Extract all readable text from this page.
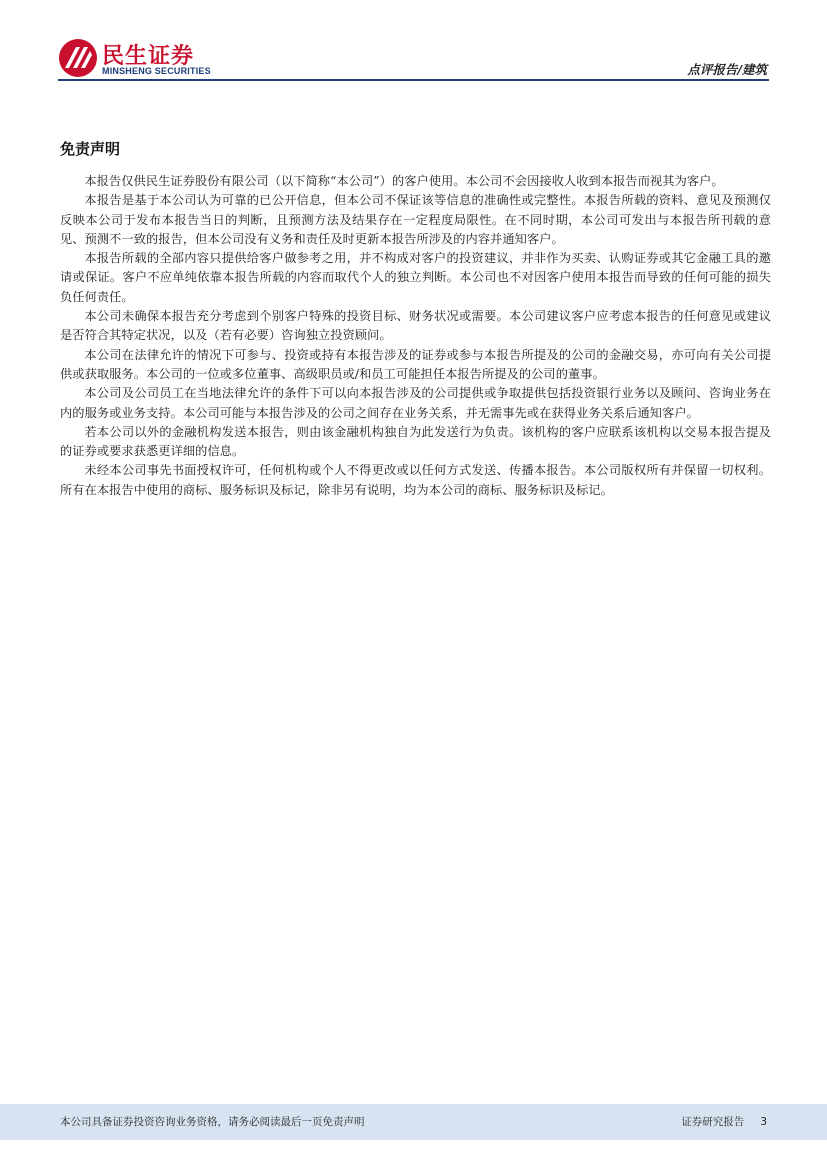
民生证券
MINSHENG SECURITIES	点评报告/建筑
免责声明

本报告仅供民生证券股份有限公司（以下简称“本公司”）的客户使用。本公司不会因接收人收到本报告而视其为客户。

本报告是基于本公司认为可靠的已公开信息，但本公司不保证该等信息的准确性或完整性。本报告所载的资料、意见及预测仅反映本公司于发布本报告当日的判断，且预测方法及结果存在一定程度局限性。在不同时期，本公司可发出与本报告所刊载的意见、预测不一致的报告，但本公司没有义务和责任及时更新本报告所涉及的内容并通知客户。

本报告所载的全部内容只提供给客户做参考之用，并不构成对客户的投资建议，并非作为买卖、认购证券或其它金融工具的邀请或保证。客户不应单纯依靠本报告所载的内容而取代个人的独立判断。本公司也不对因客户使用本报告而导致的任何可能的损失负任何责任。

本公司未确保本报告充分考虑到个别客户特殊的投资目标、财务状况或需要。本公司建议客户应考虑本报告的任何意见或建议是否符合其特定状况，以及（若有必要）咨询独立投资顾问。

本公司在法律允许的情况下可参与、投资或持有本报告涉及的证券或参与本报告所提及的公司的金融交易，亦可向有关公司提供或获取服务。本公司的一位或多位董事、高级职员或/和员工可能担任本报告所提及的公司的董事。

本公司及公司员工在当地法律允许的条件下可以向本报告涉及的公司提供或争取提供包括投资银行业务以及顾问、咨询业务在内的服务或业务支持。本公司可能与本报告涉及的公司之间存在业务关系，并无需事先或在获得业务关系后通知客户。

若本公司以外的金融机构发送本报告，则由该金融机构独自为此发送行为负责。该机构的客户应联系该机构以交易本报告提及的证券或要求获悉更详细的信息。

未经本公司事先书面授权许可，任何机构或个人不得更改或以任何方式发送、传播本报告。本公司版权所有并保留一切权利。所有在本报告中使用的商标、服务标识及标记，除非另有说明，均为本公司的商标、服务标识及标记。

本公司具备证券投资咨询业务资格，请务必阅读最后一页免责声明	证券研究报告 3
